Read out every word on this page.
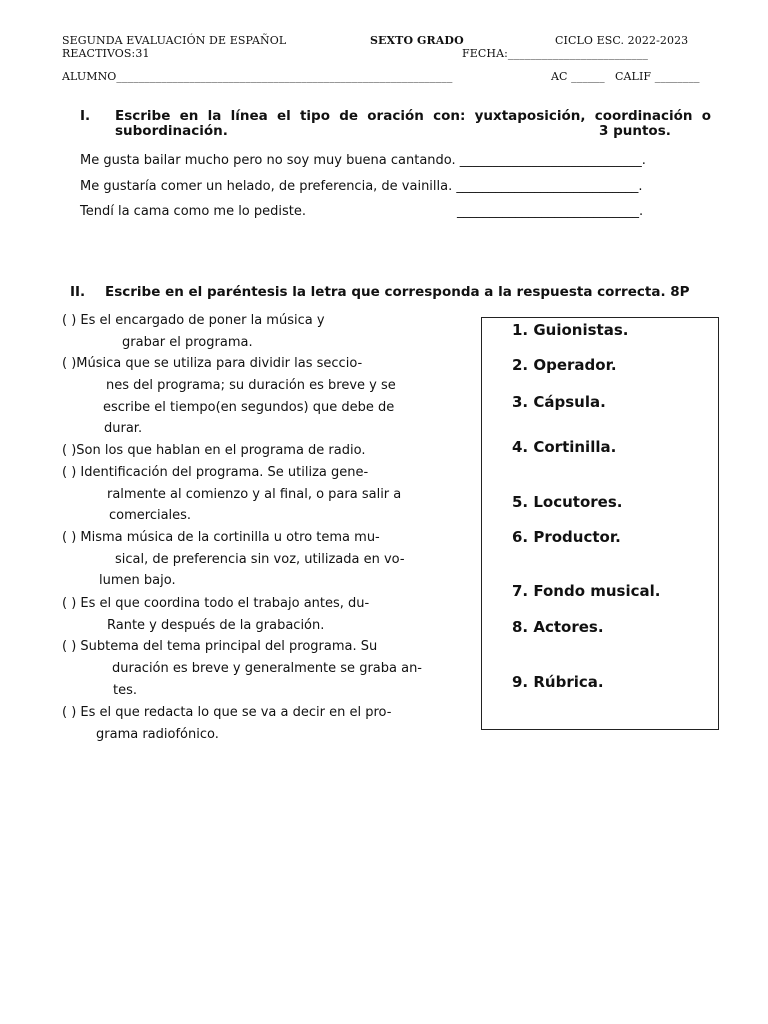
SEGUNDA EVALUACIÓN DE ESPAÑOL	SEXTO GRADO	CICLO ESC. 2022-2023
REACTIVOS:31	FECHA:_________________________
ALUMNO____________________________________________________________	AC ______ CALIF ________
I. Escribe en la línea el tipo de oración con: yuxtaposición, coordinación o
subordinación.	3 puntos.
Me gusta bailar mucho pero no soy muy buena cantando. ____________________________.
Me gustaría comer un helado, de preferencia, de vainilla. ____________________________.
Tendí la cama como me lo pediste.	____________________________.
II. Escribe en el paréntesis la letra que corresponda a la respuesta correcta. 8P
( ) Es el encargado de poner la música y
grabar el programa.
( )Música que se utiliza para dividir las seccio-
nes del programa; su duración es breve y se
escribe el tiempo(en segundos) que debe de
durar.
( )Son los que hablan en el programa de radio.
( ) Identificación del programa. Se utiliza gene-
ralmente al comienzo y al final, o para salir a
comerciales.
( ) Misma música de la cortinilla u otro tema mu-
sical, de preferencia sin voz, utilizada en vo-
lumen bajo.
( ) Es el que coordina todo el trabajo antes, du-
Rante y después de la grabación.
( ) Subtema del tema principal del programa. Su
duración es breve y generalmente se graba an-
tes.
( ) Es el que redacta lo que se va a decir en el pro-
grama radiofónico.
1. Guionistas.
2. Operador.
3. Cápsula.
4. Cortinilla.
5. Locutores.
6. Productor.
7. Fondo musical.
8. Actores.
9. Rúbrica.
